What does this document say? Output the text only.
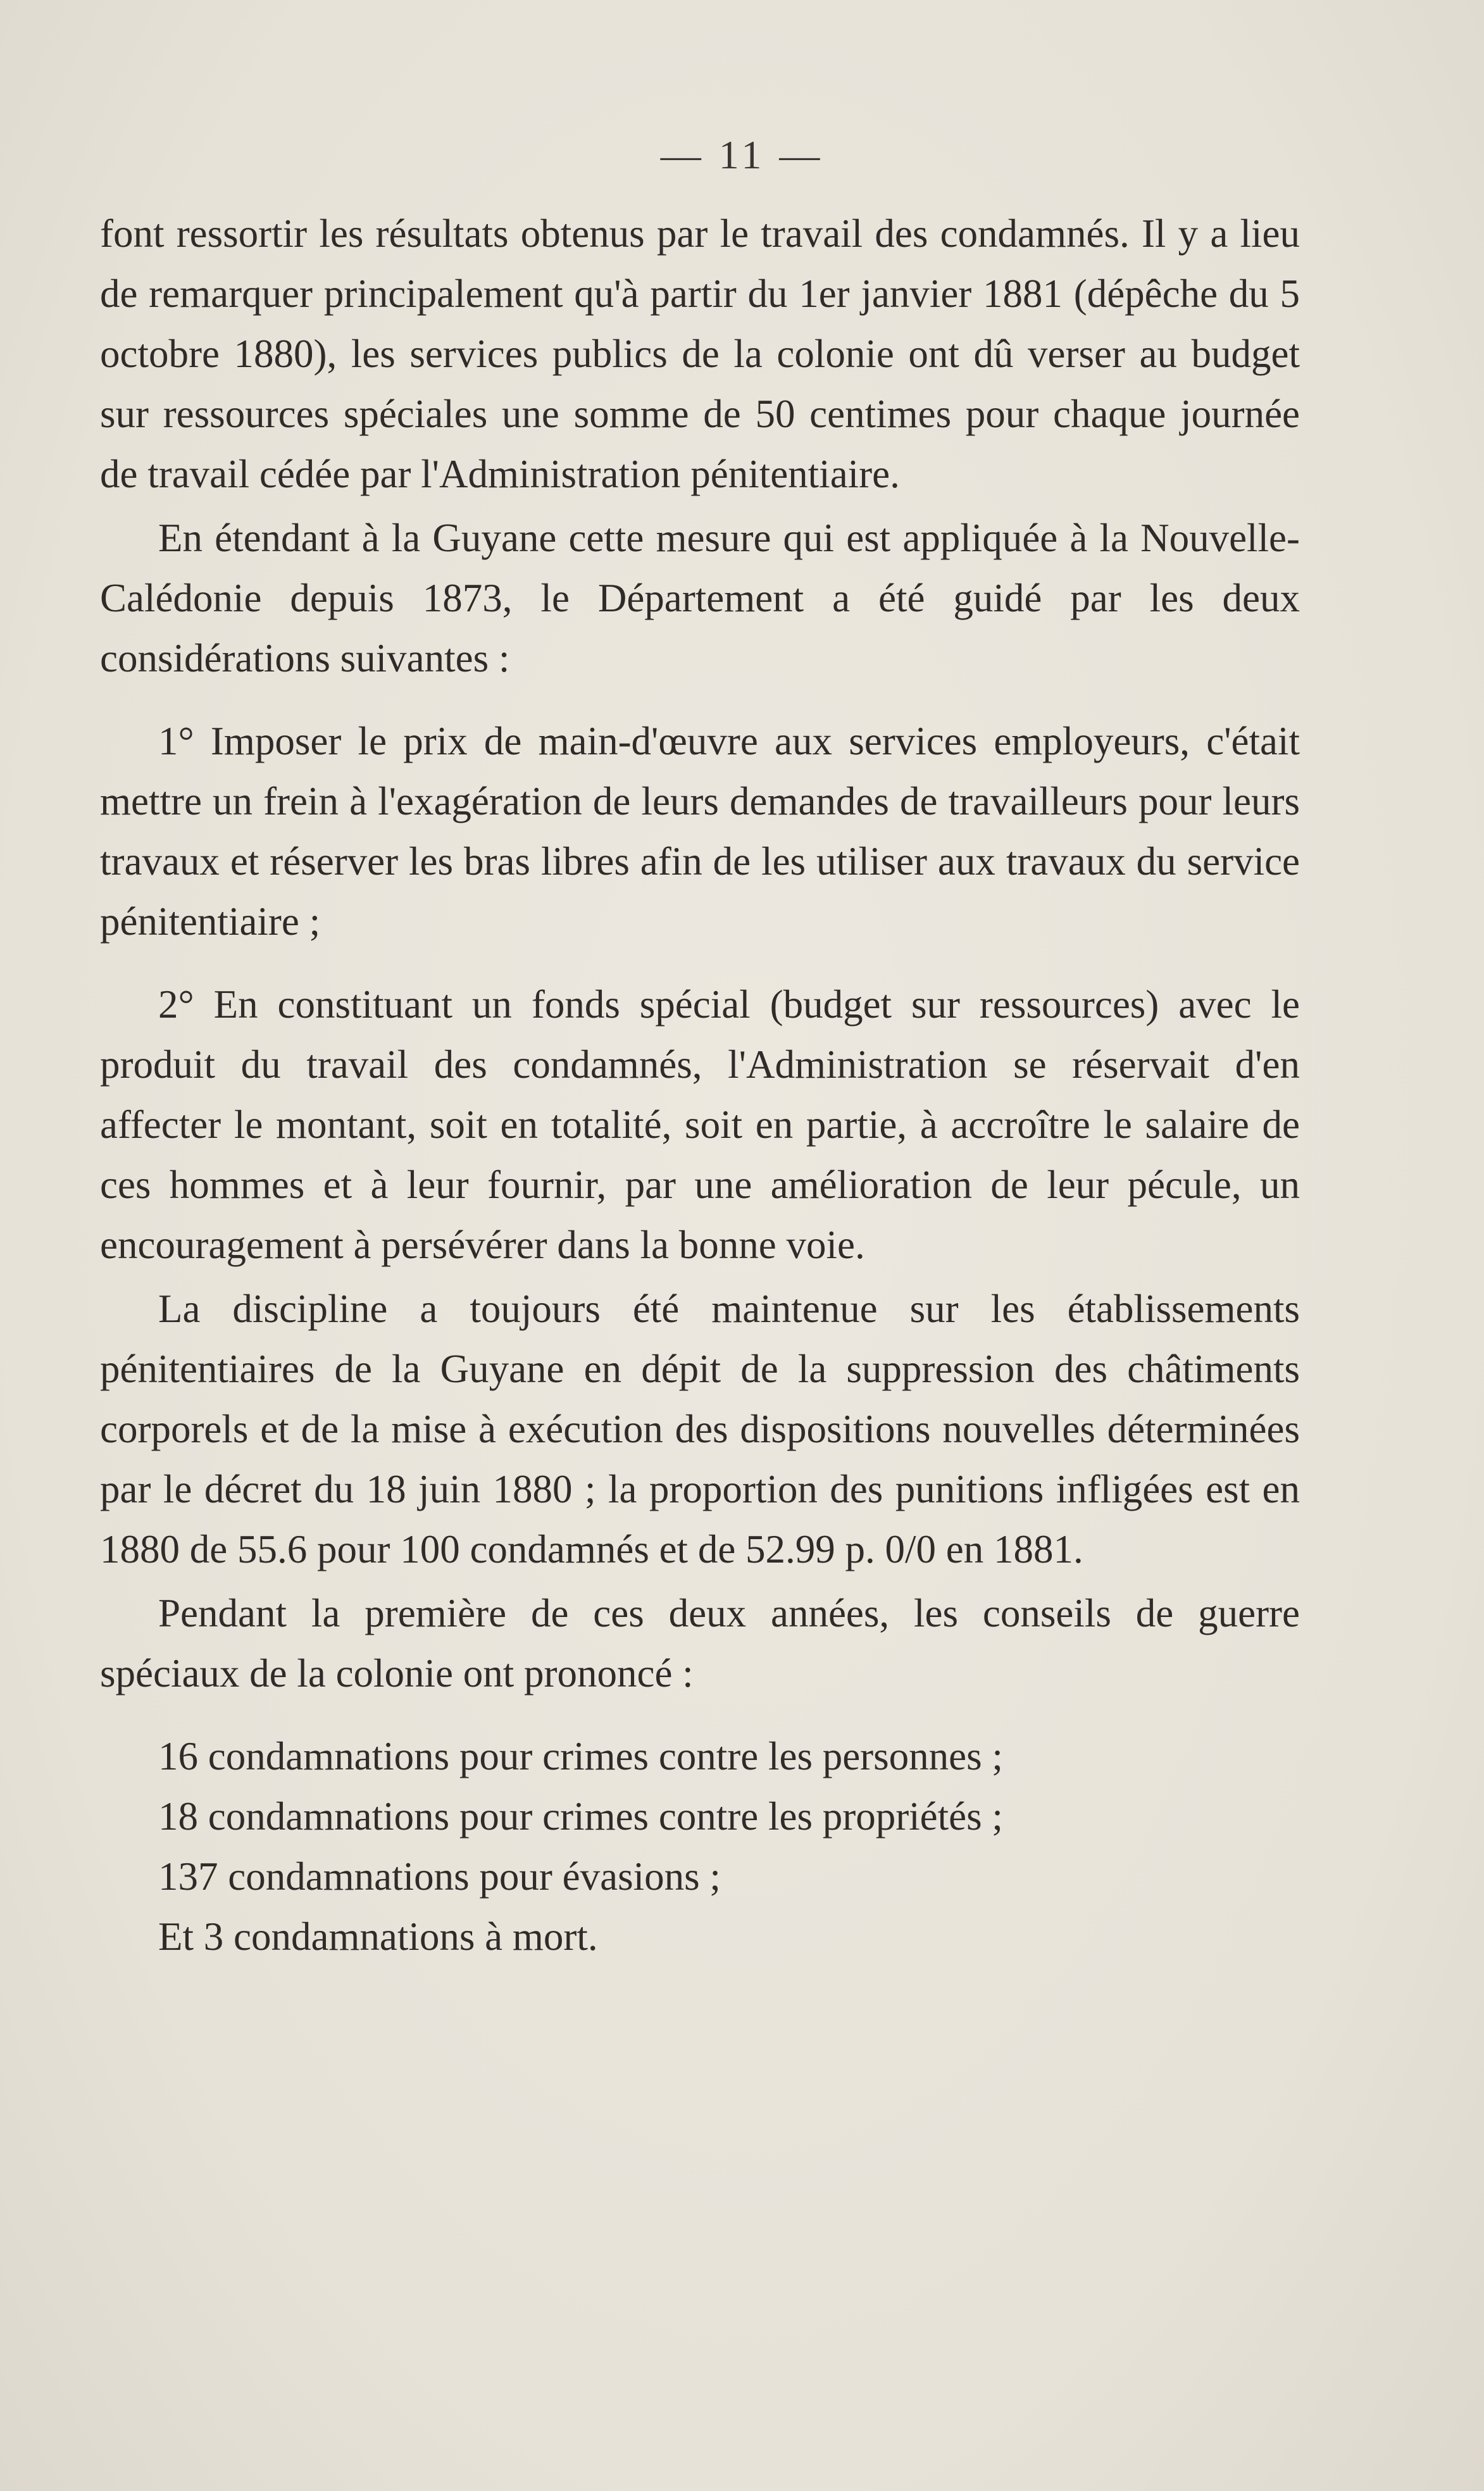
— 11 —

font ressortir les résultats obtenus par le travail des condamnés. Il y a lieu de remarquer principalement qu'à partir du 1er janvier 1881 (dépêche du 5 octobre 1880), les services publics de la colonie ont dû verser au budget sur ressources spéciales une somme de 50 centimes pour chaque journée de travail cédée par l'Administration pénitentiaire.

En étendant à la Guyane cette mesure qui est appliquée à la Nouvelle-Calédonie depuis 1873, le Département a été guidé par les deux considérations suivantes :

1° Imposer le prix de main-d'œuvre aux services employeurs, c'était mettre un frein à l'exagération de leurs demandes de travailleurs pour leurs travaux et réserver les bras libres afin de les utiliser aux travaux du service pénitentiaire ;

2° En constituant un fonds spécial (budget sur ressources) avec le produit du travail des condamnés, l'Administration se réservait d'en affecter le montant, soit en totalité, soit en partie, à accroître le salaire de ces hommes et à leur fournir, par une amélioration de leur pécule, un encouragement à persévérer dans la bonne voie.

La discipline a toujours été maintenue sur les établissements pénitentiaires de la Guyane en dépit de la suppression des châtiments corporels et de la mise à exécution des dispositions nouvelles déterminées par le décret du 18 juin 1880 ; la proportion des punitions infligées est en 1880 de 55.6 pour 100 condamnés et de 52.99 p. 0/0 en 1881.

Pendant la première de ces deux années, les conseils de guerre spéciaux de la colonie ont prononcé :

16 condamnations pour crimes contre les personnes ;
18 condamnations pour crimes contre les propriétés ;
137 condamnations pour évasions ;
Et 3 condamnations à mort.
